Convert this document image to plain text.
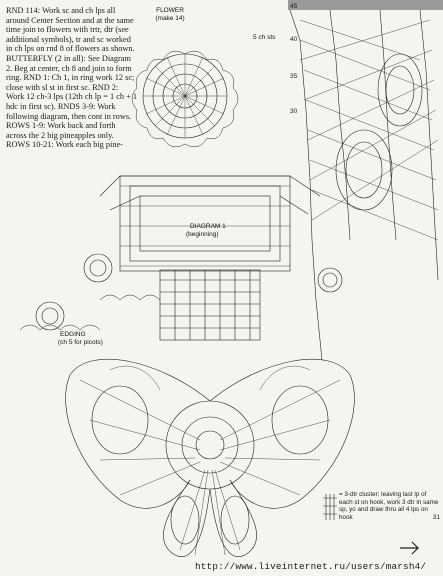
RND 114: Work sc and ch lps all around Center Section and at the same time join to flowers with trtr, dtr (see additional symbols), tr and sc worked in ch lps on rnd 8 of flowers as shown.

BUTTERFLY (2 in all): See Diagram 2. Beg at center, ch 8 and join to form ring. RND 1: Ch 1, in ring work 12 sc; close with sl st in first sc. RND 2: Work 12 ch-3 lps (12th ch lp = 1 ch + 1 hdc in first sc). RNDS 3-9: Work following diagram, then cont in rows. ROWS 1-9: Work back and forth across the 2 big pineapples only. ROWS 10-21: Work each big pine-

FLOWER
(make 14)
5 ch sts
DIAGRAM 1
(beginning)
EDGING
(ch 5 for picots)
45
40
35
30
= 3-dtr cluster: leaving last lp of each st on hook, work 3 dtr in same sp, yo and draw thru all 4 lps on hook	31
http://www.liveinternet.ru/users/marsh4/
